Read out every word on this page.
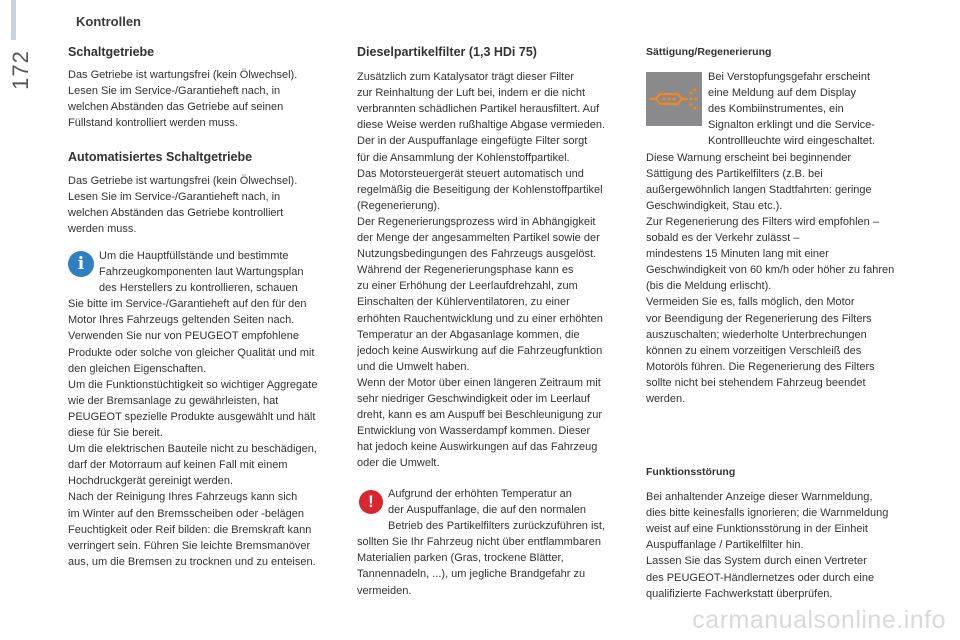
Kontrollen
172	Schaltgetriebe
Das Getriebe ist wartungsfrei (kein Ölwechsel).
Lesen Sie im Service-/Garantieheft nach, in
welchen Abständen das Getriebe auf seinen
Füllstand kontrolliert werden muss.
Automatisiertes Schaltgetriebe
Das Getriebe ist wartungsfrei (kein Ölwechsel).
Lesen Sie im Service-/Garantieheft nach, in
welchen Abständen das Getriebe kontrolliert
werden muss.
i	Um die Hauptfüllstände und bestimmte
Fahrzeugkomponenten laut Wartungsplan
des Herstellers zu kontrollieren, schauen
Sie bitte im Service-/Garantieheft auf den für den
Motor Ihres Fahrzeugs geltenden Seiten nach.
Verwenden Sie nur von PEUGEOT empfohlene
Produkte oder solche von gleicher Qualität und mit
den gleichen Eigenschaften.
Um die Funktionstüchtigkeit so wichtiger Aggregate
wie der Bremsanlage zu gewährleisten, hat
PEUGEOT spezielle Produkte ausgewählt und hält
diese für Sie bereit.
Um die elektrischen Bauteile nicht zu beschädigen,
darf der Motorraum auf keinen Fall mit einem
Hochdruckgerät gereinigt werden.
Nach der Reinigung Ihres Fahrzeugs kann sich
im Winter auf den Bremsscheiben oder -belägen
Feuchtigkeit oder Reif bilden: die Bremskraft kann
verringert sein. Führen Sie leichte Bremsmanöver
aus, um die Bremsen zu trocknen und zu enteisen.
Dieselpartikelfilter (1,3 HDi 75)
Zusätzlich zum Katalysator trägt dieser Filter
zur Reinhaltung der Luft bei, indem er die nicht
verbrannten schädlichen Partikel herausfiltert. Auf
diese Weise werden rußhaltige Abgase vermieden.
Der in der Auspuffanlage eingefügte Filter sorgt
für die Ansammlung der Kohlenstoffpartikel.
Das Motorsteuergerät steuert automatisch und
regelmäßig die Beseitigung der Kohlenstoffpartikel
(Regenerierung).
Der Regenerierungsprozess wird in Abhängigkeit
der Menge der angesammelten Partikel sowie der
Nutzungsbedingungen des Fahrzeugs ausgelöst.
Während der Regenerierungsphase kann es
zu einer Erhöhung der Leerlaufdrehzahl, zum
Einschalten der Kühlerventilatoren, zu einer
erhöhten Rauchentwicklung und zu einer erhöhten
Temperatur an der Abgasanlage kommen, die
jedoch keine Auswirkung auf die Fahrzeugfunktion
und die Umwelt haben.
Wenn der Motor über einen längeren Zeitraum mit
sehr niedriger Geschwindigkeit oder im Leerlauf
dreht, kann es am Auspuff bei Beschleunigung zur
Entwicklung von Wasserdampf kommen. Dieser
hat jedoch keine Auswirkungen auf das Fahrzeug
oder die Umwelt.
!	Aufgrund der erhöhten Temperatur an
der Auspuffanlage, die auf den normalen
Betrieb des Partikelfilters zurückzuführen ist,
sollten Sie Ihr Fahrzeug nicht über entflammbaren
Materialien parken (Gras, trockene Blätter,
Tannennadeln, ...), um jegliche Brandgefahr zu
vermeiden.
Sättigung/Regenerierung
Bei Verstopfungsgefahr erscheint
eine Meldung auf dem Display
des Kombiinstrumentes, ein
Signalton erklingt und die Service-
Kontrollleuchte wird eingeschaltet.
Diese Warnung erscheint bei beginnender
Sättigung des Partikelfilters (z.B. bei
außergewöhnlich langen Stadtfahrten: geringe
Geschwindigkeit, Stau etc.).
Zur Regenerierung des Filters wird empfohlen –
sobald es der Verkehr zulässt –
mindestens 15 Minuten lang mit einer
Geschwindigkeit von 60 km/h oder höher zu fahren
(bis die Meldung erlischt).
Vermeiden Sie es, falls möglich, den Motor
vor Beendigung der Regenerierung des Filters
auszuschalten; wiederholte Unterbrechungen
können zu einem vorzeitigen Verschleiß des
Motoröls führen. Die Regenerierung des Filters
sollte nicht bei stehendem Fahrzeug beendet
werden.
Funktionsstörung
Bei anhaltender Anzeige dieser Warnmeldung,
dies bitte keinesfalls ignorieren; die Warnmeldung
weist auf eine Funktionsstörung in der Einheit
Auspuffanlage / Partikelfilter hin.
Lassen Sie das System durch einen Vertreter
des PEUGEOT-Händlernetzes oder durch eine
qualifizierte Fachwerkstatt überprüfen.
carmanualsonline.info
